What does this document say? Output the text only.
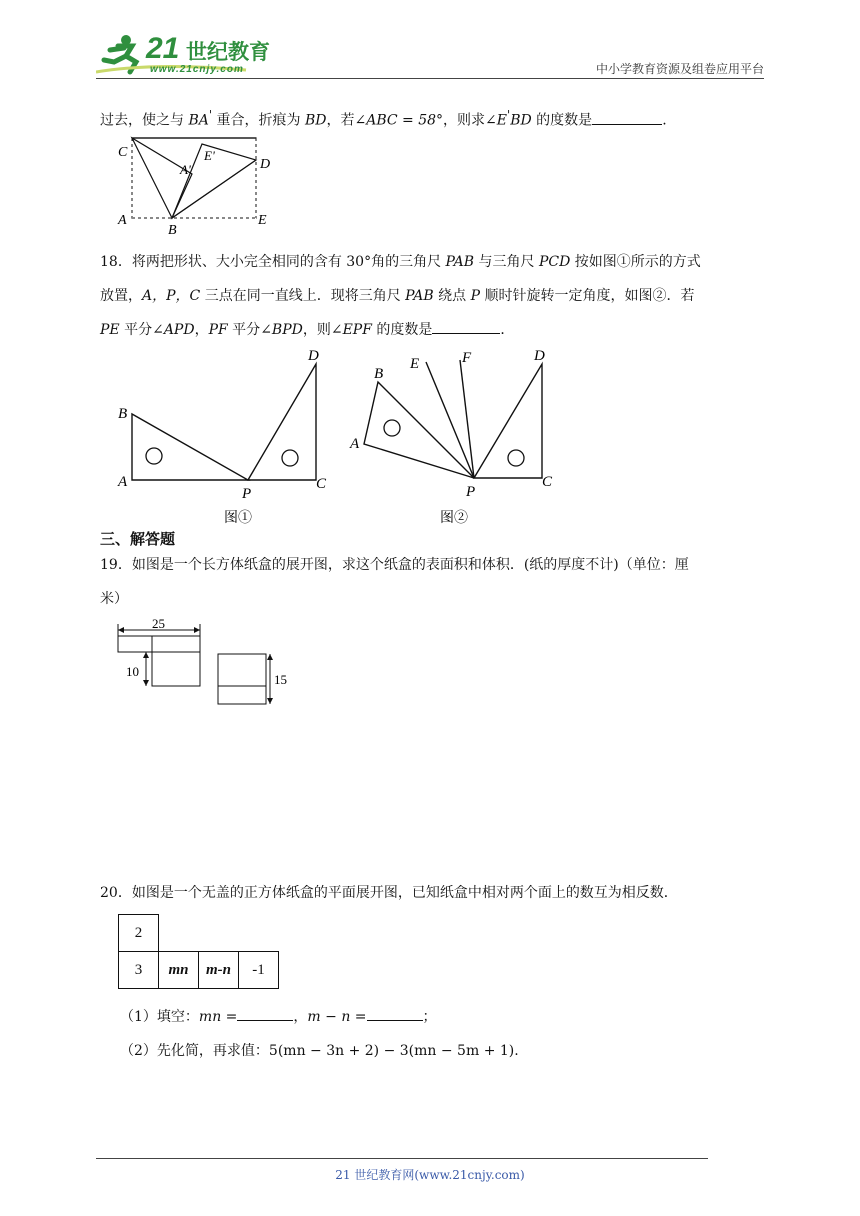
21 世纪教育
www.21cnjy.com	中小学教育资源及组卷应用平台
过去，使之与 BA' 重合，折痕为 BD，若∠ABC = 58°，则求∠E'BD 的度数是	.
C
A'
E'
D
A
B
E
18．将两把形状、大小完全相同的含有 30°角的三角尺 PAB 与三角尺 PCD 按如图①所示的方式
放置，A，P，C 三点在同一直线上．现将三角尺 PAB 绕点 P 顺时针旋转一定角度，如图②．若
PE 平分∠APD，PF 平分∠BPD，则∠EPF 的度数是	．
B
D
A
P
C
图①
B
E	F	D
A
P
C
图②
三、解答题
19．如图是一个长方体纸盒的展开图，求这个纸盒的表面积和体积．(纸的厚度不计)（单位：厘
米）
25
10
15
20．如图是一个无盖的正方体纸盒的平面展开图，已知纸盒中相对两个面上的数互为相反数．
2			
3	mn	m-n	-1
（1）填空：mn =	，m − n =	；
（2）先化简，再求值：5(mn − 3n + 2) − 3(mn − 5m + 1).
21 世纪教育网(www.21cnjy.com)
